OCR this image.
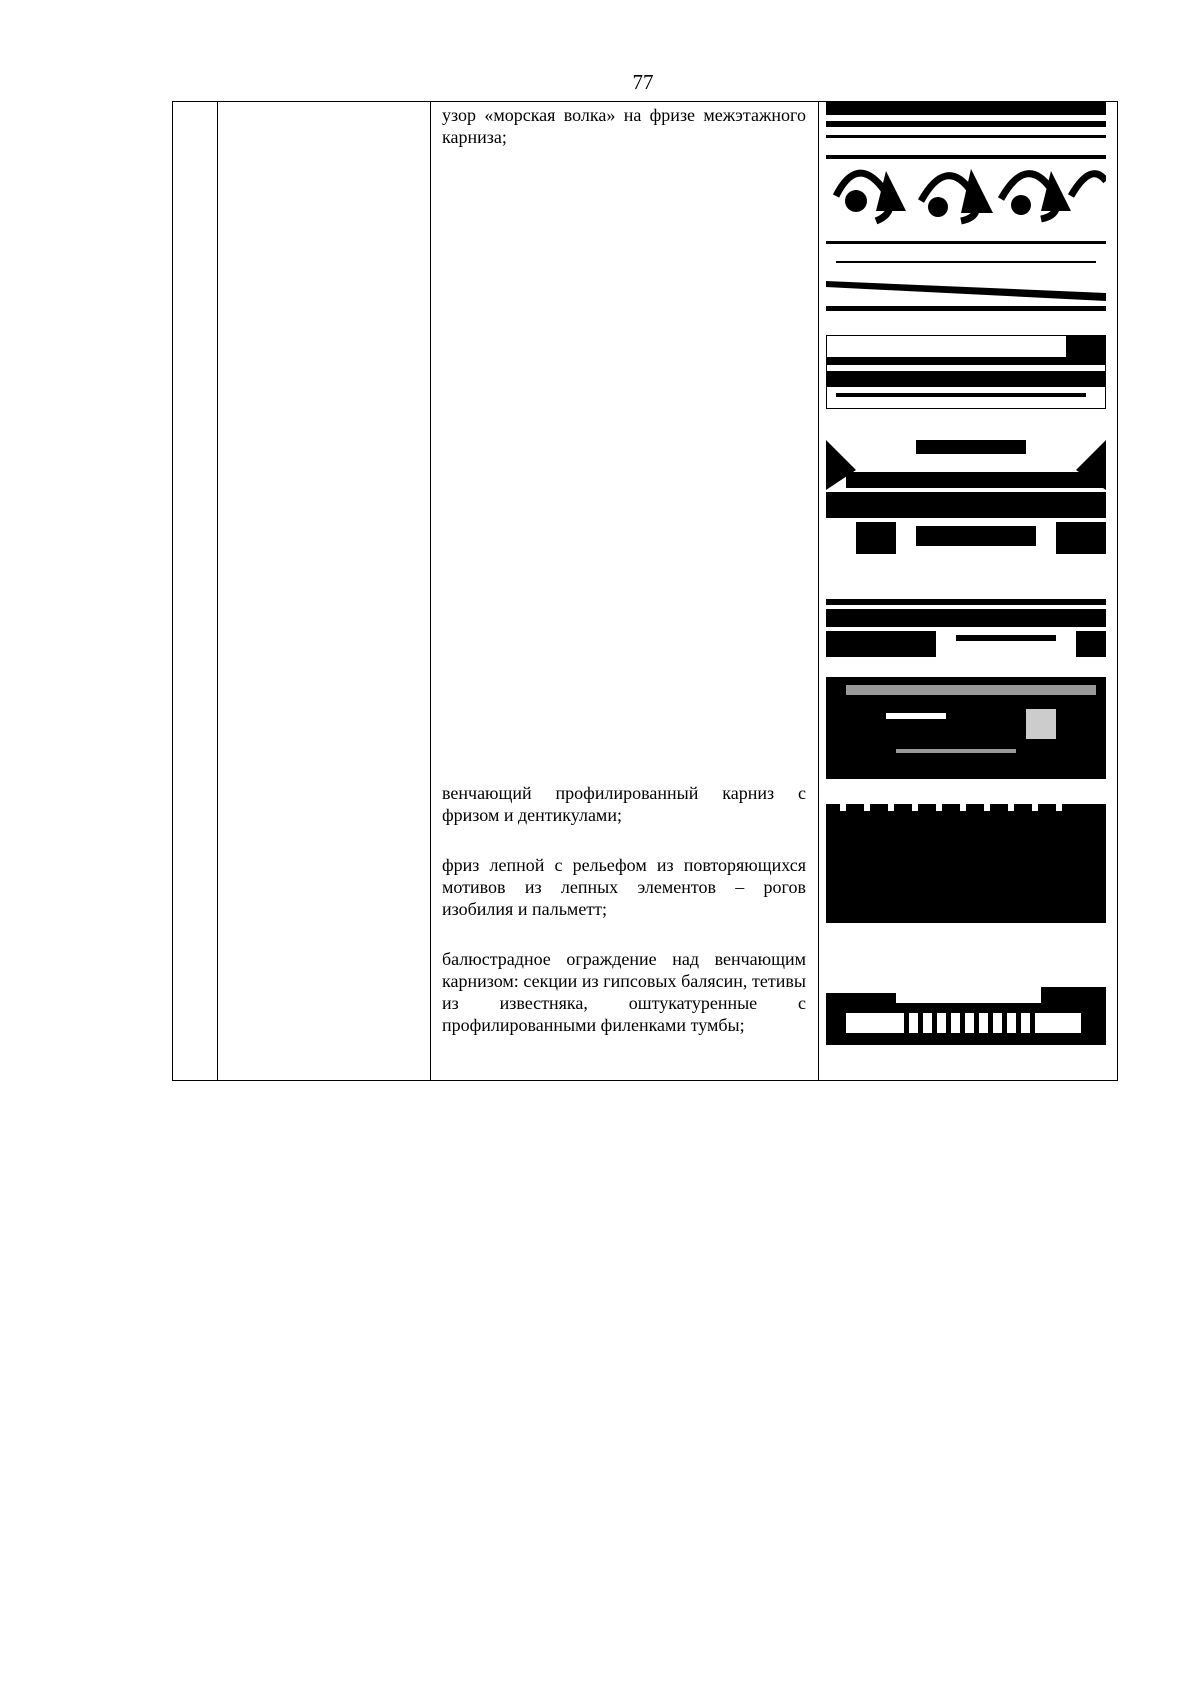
77
узор «морская волка» на фризе межэтажного карниза;
венчающий профилированный карниз с фризом и дентикулами;
фриз лепной с рельефом из повторяющихся мотивов из лепных элементов – рогов изобилия и пальметт;
балюстрадное ограждение над венчающим карнизом: секции из гипсовых балясин, тетивы из известняка, оштукатуренные с профилированными филенками тумбы;
